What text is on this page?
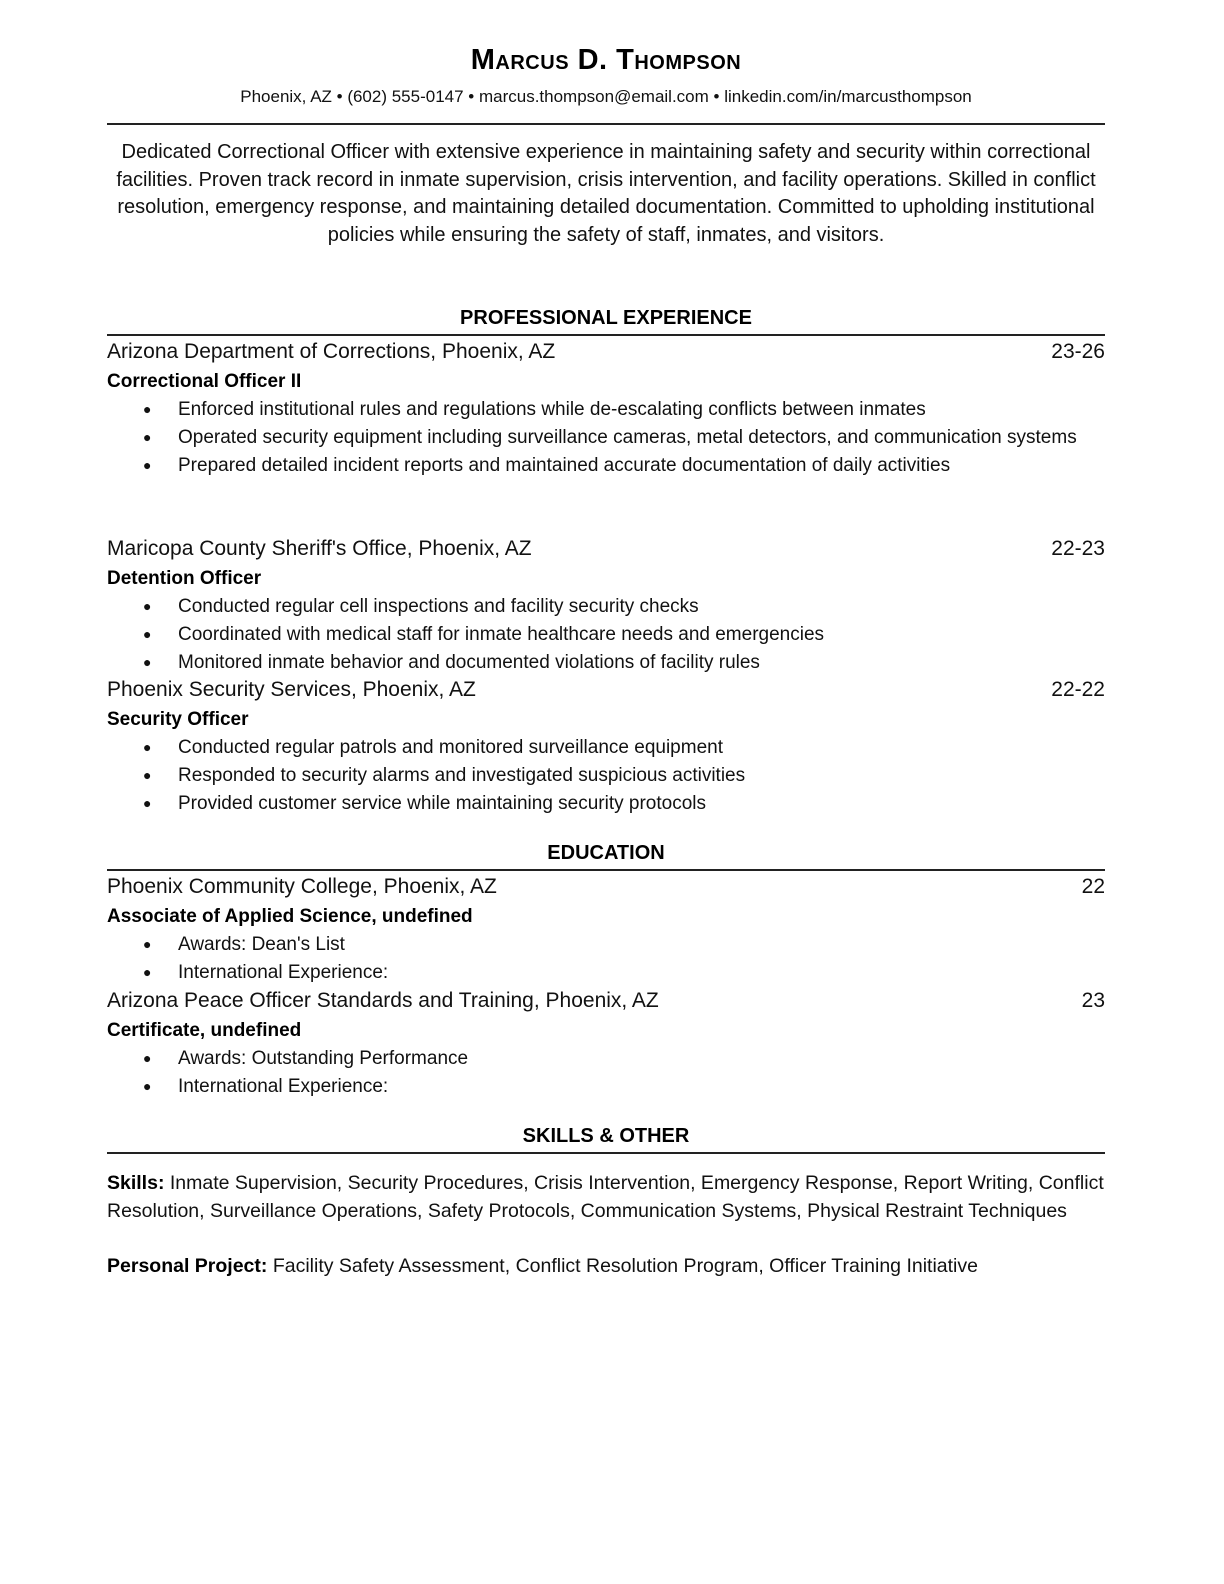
Marcus D. Thompson
Phoenix, AZ • (602) 555-0147 • marcus.thompson@email.com • linkedin.com/in/marcusthompson
Dedicated Correctional Officer with extensive experience in maintaining safety and security within correctional facilities. Proven track record in inmate supervision, crisis intervention, and facility operations. Skilled in conflict resolution, emergency response, and maintaining detailed documentation. Committed to upholding institutional policies while ensuring the safety of staff, inmates, and visitors.
PROFESSIONAL EXPERIENCE
Arizona Department of Corrections, Phoenix, AZ	23-26
Correctional Officer II
● Enforced institutional rules and regulations while de-escalating conflicts between inmates
● Operated security equipment including surveillance cameras, metal detectors, and communication systems
● Prepared detailed incident reports and maintained accurate documentation of daily activities
Maricopa County Sheriff's Office, Phoenix, AZ	22-23
Detention Officer
● Conducted regular cell inspections and facility security checks
● Coordinated with medical staff for inmate healthcare needs and emergencies
● Monitored inmate behavior and documented violations of facility rules
Phoenix Security Services, Phoenix, AZ	22-22
Security Officer
● Conducted regular patrols and monitored surveillance equipment
● Responded to security alarms and investigated suspicious activities
● Provided customer service while maintaining security protocols
EDUCATION
Phoenix Community College, Phoenix, AZ	22
Associate of Applied Science, undefined
● Awards: Dean's List
● International Experience:
Arizona Peace Officer Standards and Training, Phoenix, AZ	23
Certificate, undefined
● Awards: Outstanding Performance
● International Experience:
SKILLS & OTHER
Skills: Inmate Supervision, Security Procedures, Crisis Intervention, Emergency Response, Report Writing, Conflict Resolution, Surveillance Operations, Safety Protocols, Communication Systems, Physical Restraint Techniques
Personal Project: Facility Safety Assessment, Conflict Resolution Program, Officer Training Initiative
